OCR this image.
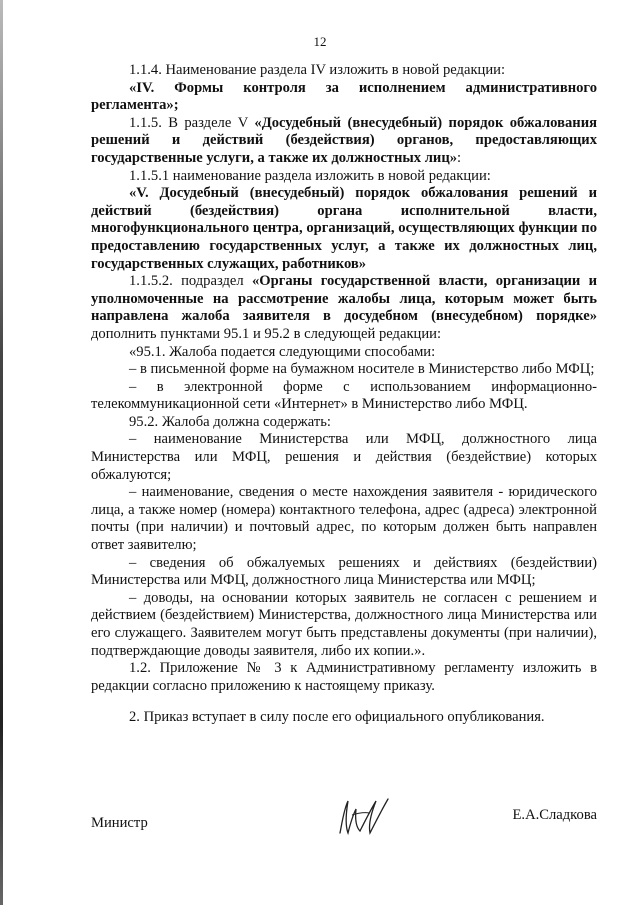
12

1.1.4. Наименование раздела IV изложить в новой редакции:

«IV. Формы контроля за исполнением административного регламента»;

1.1.5. В разделе V «Досудебный (внесудебный) порядок обжалования решений и действий (бездействия) органов, предоставляющих государственные услуги, а также их должностных лиц»:

1.1.5.1 наименование раздела изложить в новой редакции:

«V. Досудебный (внесудебный) порядок обжалования решений и действий (бездействия) органа исполнительной власти, многофункционального центра, организаций, осуществляющих функции по предоставлению государственных услуг, а также их должностных лиц, государственных служащих, работников»

1.1.5.2. подраздел «Органы государственной власти, организации и уполномоченные на рассмотрение жалобы лица, которым может быть направлена жалоба заявителя в досудебном (внесудебном) порядке» дополнить пунктами 95.1 и 95.2 в следующей редакции:

«95.1. Жалоба подается следующими способами:

– в письменной форме на бумажном носителе в Министерство либо МФЦ;

– в электронной форме с использованием информационно-телекоммуникационной сети «Интернет» в Министерство либо МФЦ.

95.2. Жалоба должна содержать:

– наименование Министерства или МФЦ, должностного лица Министерства или МФЦ, решения и действия (бездействие) которых обжалуются;

– наименование, сведения о месте нахождения заявителя - юридического лица, а также номер (номера) контактного телефона, адрес (адреса) электронной почты (при наличии) и почтовый адрес, по которым должен быть направлен ответ заявителю;

– сведения об обжалуемых решениях и действиях (бездействии) Министерства или МФЦ, должностного лица Министерства или МФЦ;

– доводы, на основании которых заявитель не согласен с решением и действием (бездействием) Министерства, должностного лица Министерства или его служащего. Заявителем могут быть представлены документы (при наличии), подтверждающие доводы заявителя, либо их копии.».

1.2. Приложение № 3 к Административному регламенту изложить в редакции согласно приложению к настоящему приказу.

2. Приказ вступает в силу после его официального опубликования.

Министр	Е.А.Сладкова
